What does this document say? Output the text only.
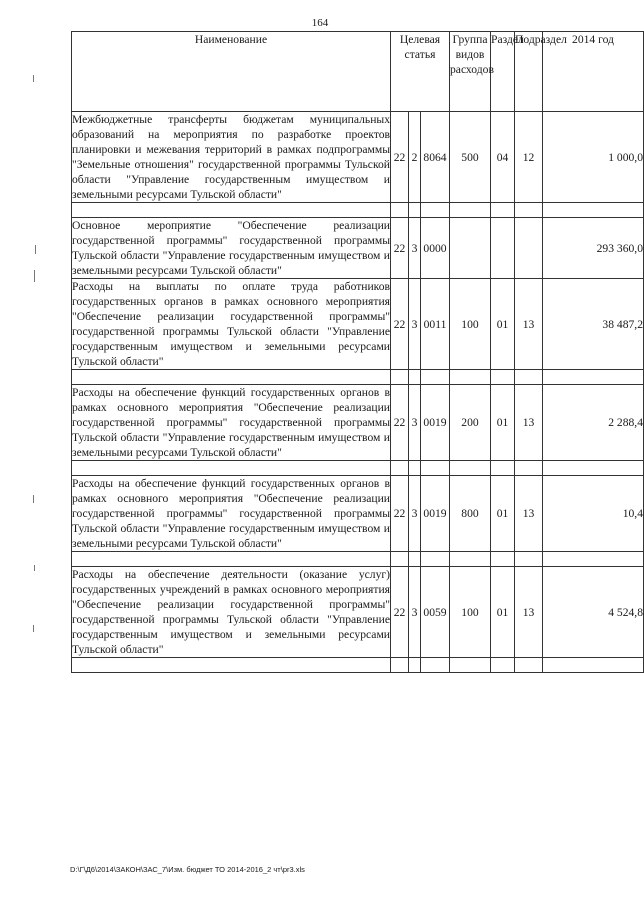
164
Наименование	Целевая статья			Группа видов расходов	Раздел	Подраздел	2014 год
Межбюджетные трансферты бюджетам муниципальных образований на мероприятия по разработке проектов планировки и межевания территорий в рамках подпрограммы "Земельные отношения" государственной программы Тульской области "Управление государственным имуществом и земельными ресурсами Тульской области"	22	2	8064	500	04	12	1 000,0

Основное мероприятие "Обеспечение реализации государственной программы" государственной программы Тульской области "Управление государственным имуществом и земельными ресурсами Тульской области"	22	3	0000				293 360,0
Расходы на выплаты по оплате труда работников государственных органов в рамках основного мероприятия "Обеспечение реализации государственной программы" государственной программы Тульской области "Управление государственным имуществом и земельными ресурсами Тульской области"	22	3	0011	100	01	13	38 487,2

Расходы на обеспечение функций государственных органов в рамках основного мероприятия "Обеспечение реализации государственной программы" государственной программы Тульской области "Управление государственным имуществом и земельными ресурсами Тульской области"	22	3	0019	200	01	13	2 288,4

Расходы на обеспечение функций государственных органов в рамках основного мероприятия "Обеспечение реализации государственной программы" государственной программы Тульской области "Управление государственным имуществом и земельными ресурсами Тульской области"	22	3	0019	800	01	13	10,4

Расходы на обеспечение деятельности (оказание услуг) государственных учреждений в рамках основного мероприятия "Обеспечение реализации государственной программы" государственной программы Тульской области "Управление государственным имуществом и земельными ресурсами Тульской области"	22	3	0059	100	01	13	4 524,8

D:\Г\Д6\2014\ЗАКОН\ЗАС_7\Изм. бюджет ТО 2014-2016_2 чт\pr3.xls
